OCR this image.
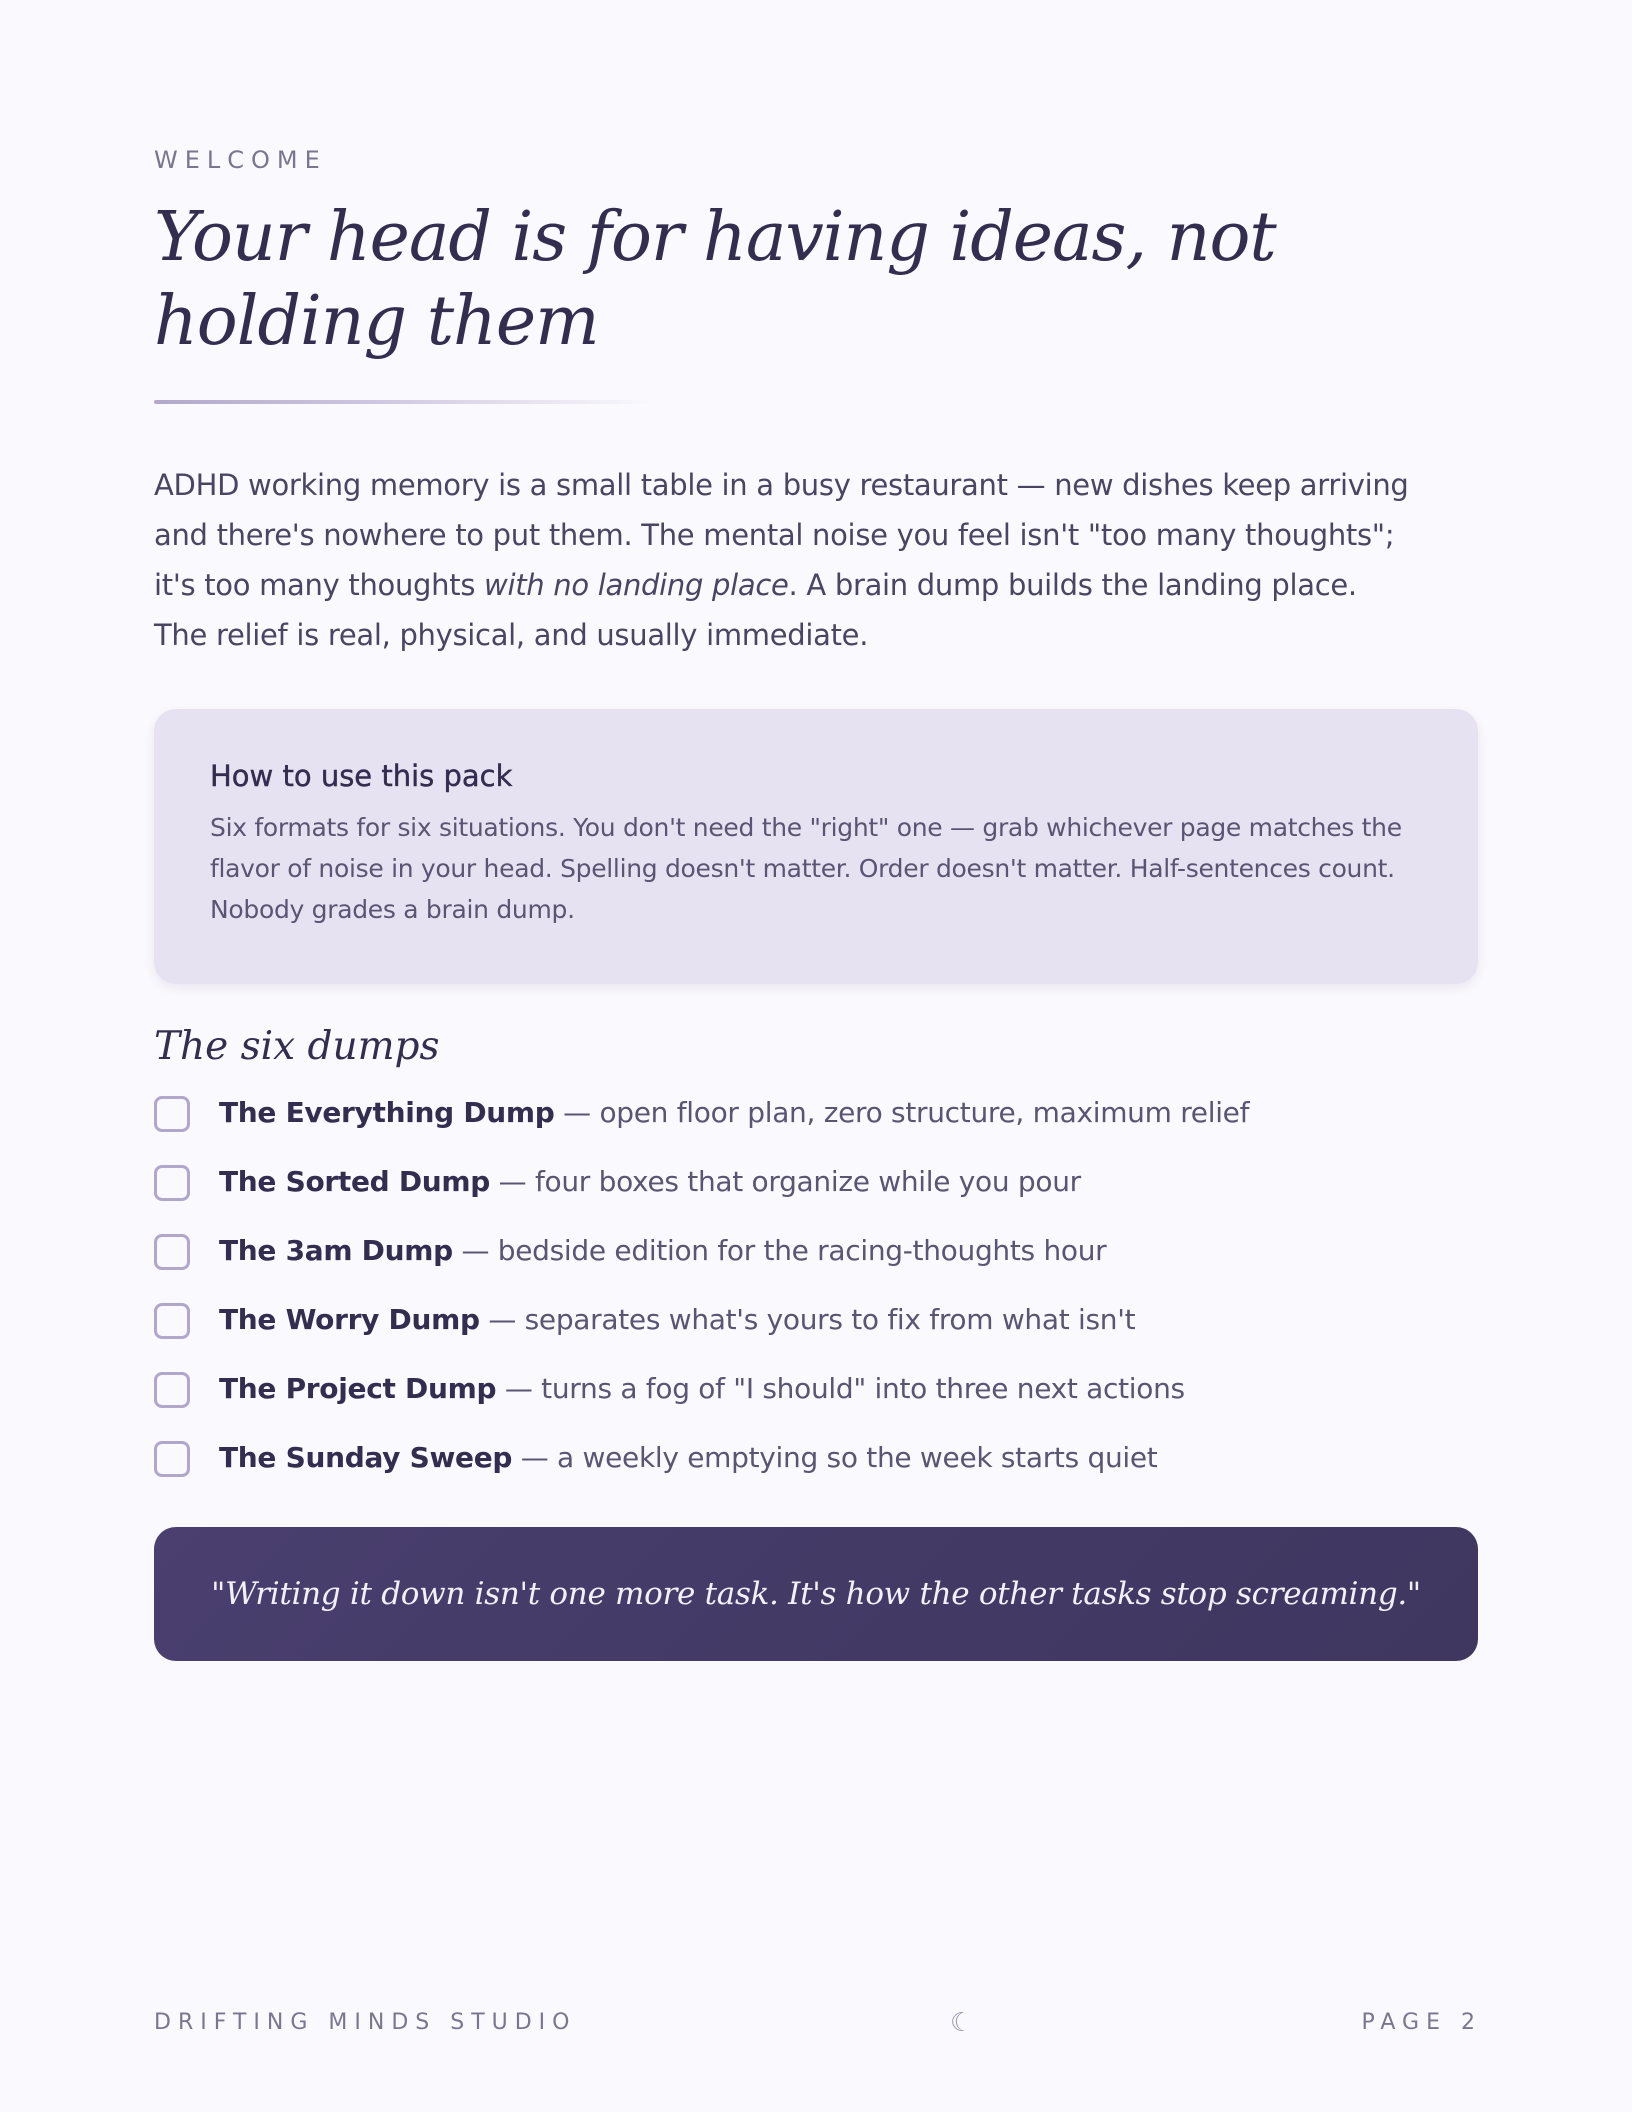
WELCOME
Your head is for having ideas, not holding them

ADHD working memory is a small table in a busy restaurant — new dishes keep arriving and there's nowhere to put them. The mental noise you feel isn't "too many thoughts"; it's too many thoughts with no landing place. A brain dump builds the landing place. The relief is real, physical, and usually immediate.

How to use this pack

Six formats for six situations. You don't need the "right" one — grab whichever page matches the flavor of noise in your head. Spelling doesn't matter. Order doesn't matter. Half-sentences count. Nobody grades a brain dump.

The six dumps
The Everything Dump — open floor plan, zero structure, maximum relief
The Sorted Dump — four boxes that organize while you pour
The 3am Dump — bedside edition for the racing-thoughts hour
The Worry Dump — separates what's yours to fix from what isn't
The Project Dump — turns a fog of "I should" into three next actions
The Sunday Sweep — a weekly emptying so the week starts quiet
"Writing it down isn't one more task. It's how the other tasks stop screaming."
DRIFTING MINDS STUDIO	☾	PAGE 2
